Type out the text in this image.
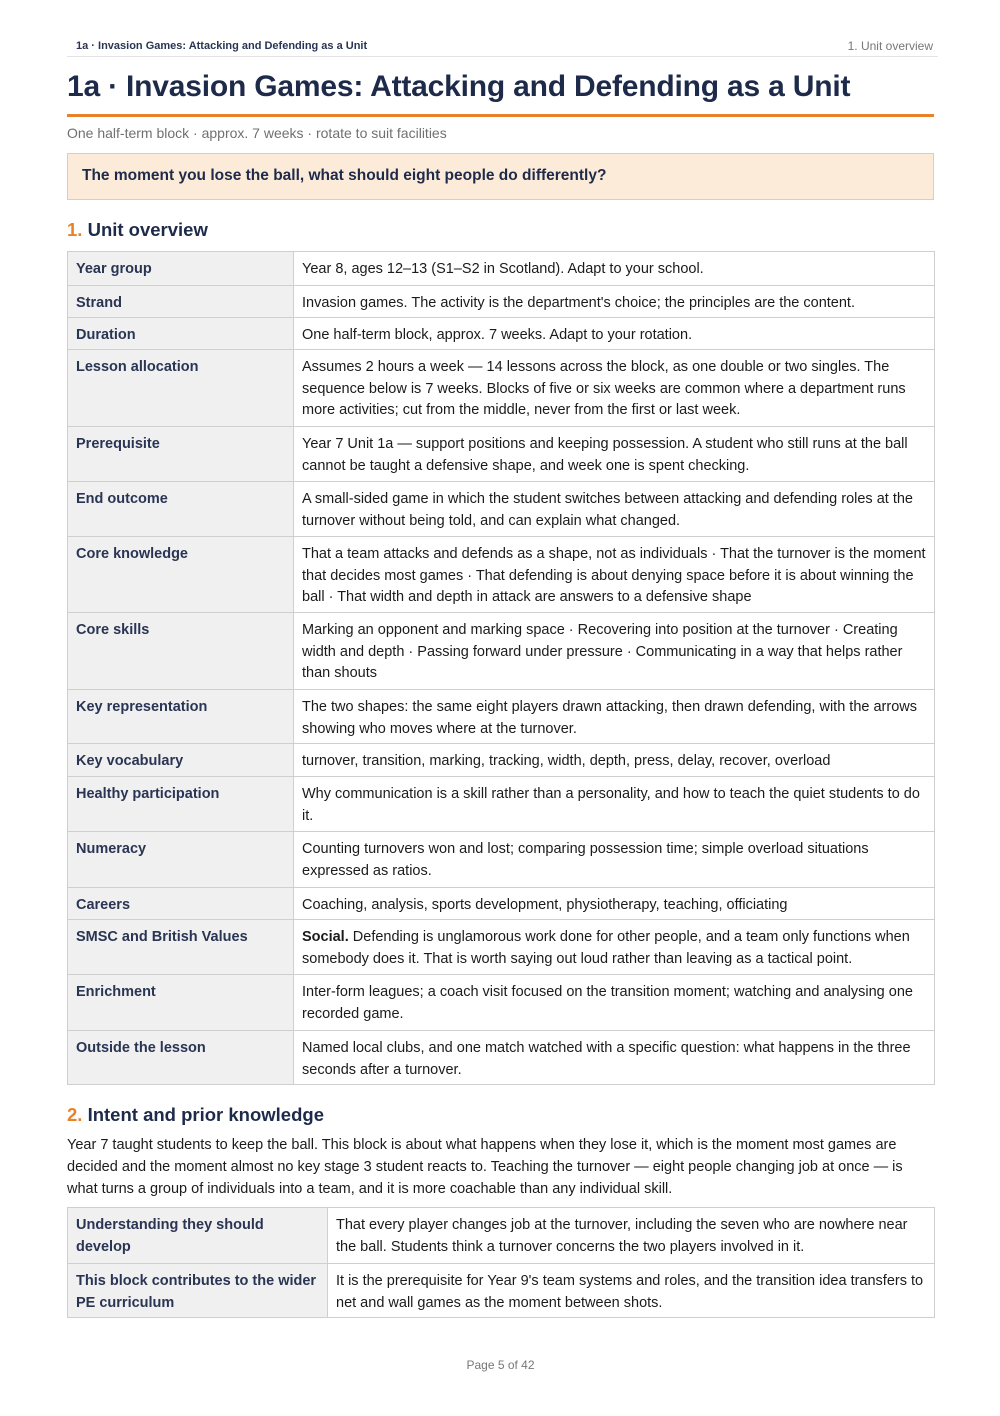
1a · Invasion Games: Attacking and Defending as a Unit	1. Unit overview
1a · Invasion Games: Attacking and Defending as a Unit
One half-term block · approx. 7 weeks · rotate to suit facilities
The moment you lose the ball, what should eight people do differently?
1. Unit overview
Year group	Year 8, ages 12–13 (S1–S2 in Scotland). Adapt to your school.

Strand	Invasion games. The activity is the department's choice; the principles are the content.

Duration	One half-term block, approx. 7 weeks. Adapt to your rotation.

Lesson allocation	Assumes 2 hours a week — 14 lessons across the block, as one double or two singles. The sequence below is 7 weeks. Blocks of five or six weeks are common where a department runs more activities; cut from the middle, never from the first or last week.

Prerequisite	Year 7 Unit 1a — support positions and keeping possession. A student who still runs at the ball cannot be taught a defensive shape, and week one is spent checking.

End outcome	A small-sided game in which the student switches between attacking and defending roles at the turnover without being told, and can explain what changed.

Core knowledge	That a team attacks and defends as a shape, not as individuals · That the turnover is the moment that decides most games · That defending is about denying space before it is about winning the ball · That width and depth in attack are answers to a defensive shape

Core skills	Marking an opponent and marking space · Recovering into position at the turnover · Creating width and depth · Passing forward under pressure · Communicating in a way that helps rather than shouts

Key representation	The two shapes: the same eight players drawn attacking, then drawn defending, with the arrows showing who moves where at the turnover.

Key vocabulary	turnover, transition, marking, tracking, width, depth, press, delay, recover, overload

Healthy participation	Why communication is a skill rather than a personality, and how to teach the quiet students to do it.

Numeracy	Counting turnovers won and lost; comparing possession time; simple overload situations expressed as ratios.

Careers	Coaching, analysis, sports development, physiotherapy, teaching, officiating

SMSC and British Values	Social. Defending is unglamorous work done for other people, and a team only functions when somebody does it. That is worth saying out loud rather than leaving as a tactical point.

Enrichment	Inter-form leagues; a coach visit focused on the transition moment; watching and analysing one recorded game.

Outside the lesson	Named local clubs, and one match watched with a specific question: what happens in the three seconds after a turnover.
2. Intent and prior knowledge

Year 7 taught students to keep the ball. This block is about what happens when they lose it, which is the moment most games are decided and the moment almost no key stage 3 student reacts to. Teaching the turnover — eight people changing job at once — is what turns a group of individuals into a team, and it is more coachable than any individual skill.

Understanding they should develop	That every player changes job at the turnover, including the seven who are nowhere near the ball. Students think a turnover concerns the two players involved in it.

This block contributes to the wider PE curriculum	It is the prerequisite for Year 9's team systems and roles, and the transition idea transfers to net and wall games as the moment between shots.
Page 5 of 42
